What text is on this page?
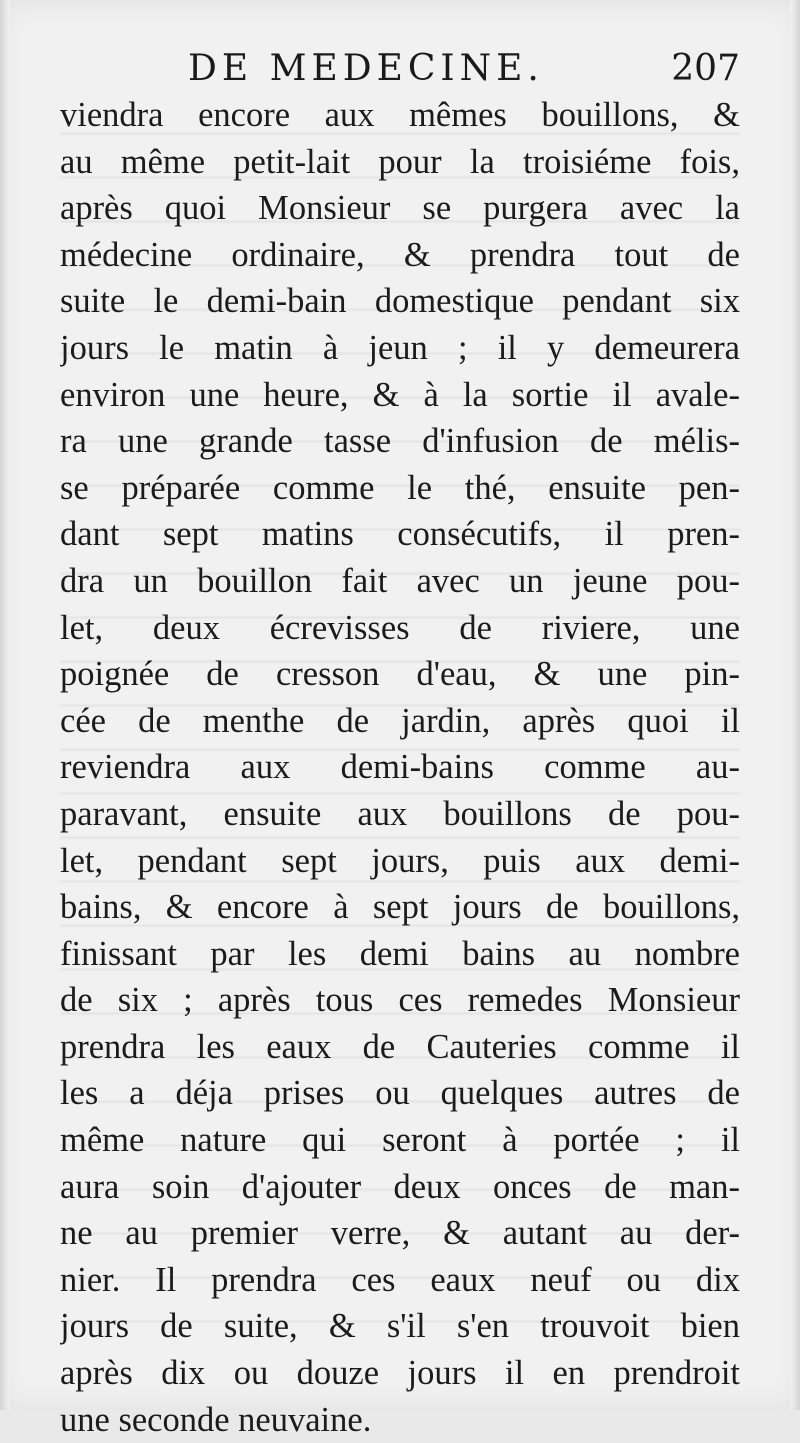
DE MEDECINE.	207
viendra encore aux mêmes bouillons, &
au même petit-lait pour la troisiéme fois,
après quoi Monsieur se purgera avec la
médecine ordinaire, & prendra tout de
suite le demi-bain domestique pendant six
jours le matin à jeun ; il y demeurera
environ une heure, & à la sortie il avale-
ra une grande tasse d'infusion de mélis-
se préparée comme le thé, ensuite pen-
dant sept matins consécutifs, il pren-
dra un bouillon fait avec un jeune pou-
let, deux écrevisses de riviere, une
poignée de cresson d'eau, & une pin-
cée de menthe de jardin, après quoi il
reviendra aux demi-bains comme au-
paravant, ensuite aux bouillons de pou-
let, pendant sept jours, puis aux demi-
bains, & encore à sept jours de bouillons,
finissant par les demi bains au nombre
de six ; après tous ces remedes Monsieur
prendra les eaux de Cauteries comme il
les a déja prises ou quelques autres de
même nature qui seront à portée ; il
aura soin d'ajouter deux onces de man-
ne au premier verre, & autant au der-
nier. Il prendra ces eaux neuf ou dix
jours de suite, & s'il s'en trouvoit bien
après dix ou douze jours il en prendroit
une seconde neuvaine.
